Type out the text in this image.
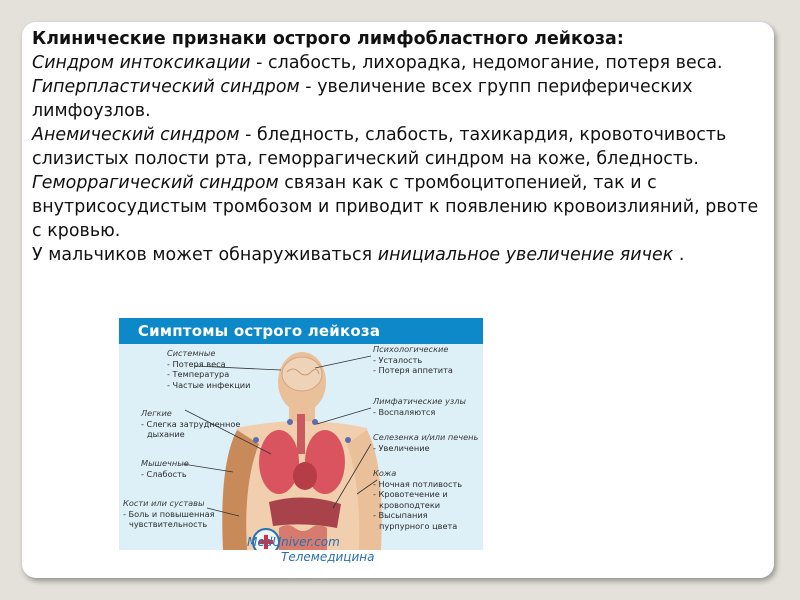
Клинические признаки острого лимфобластного лейкоза:

Синдром интоксикации - слабость, лихорадка, недомогание, потеря веса.

Гиперпластический синдром - увеличение всех групп периферических лимфоузлов.

Анемический синдром - бледность, слабость, тахикардия, кровоточивость слизистых полости рта, геморрагический синдром на коже, бледность.

Геморрагический синдром связан как с тромбоцитопенией, так и с внутрисосудистым тромбозом и приводит к появлению кровоизлияний, рвоте с кровью.

У мальчиков может обнаруживаться инициальное увеличение яичек .

Симптомы острого лейкоза
Системные
- Потеря веса
- Температура
- Частые инфекции
Легкие
- Слегка затрудненное
дыхание
Мышечные
- Слабость
Кости или суставы
- Боль и повышенная
чувствительность
Психологические
- Усталость
- Потеря аппетита
Лимфатические узлы
- Воспаляются
Селезенка и/или печень
- Увеличение
Кожа
- Ночная потливость
- Кровотечение и
кровоподтеки
- Высыпания
пурпурного цвета
MedUniver.com
Телемедицина
